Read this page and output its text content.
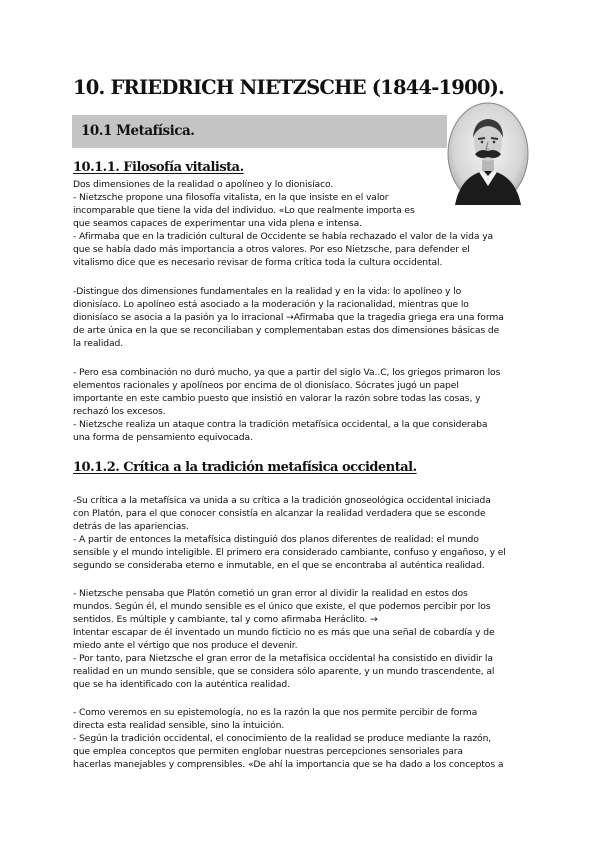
10. FRIEDRICH NIETZSCHE (1844-1900).
10.1 Metafísica.
10.1.1. Filosofía vitalista.
Dos dimensiones de la realidad o apolíneo y lo dionisíaco.
- Nietzsche propone una filosofía vitalista, en la que insiste en el valor
incomparable que tiene la vida del individuo. «Lo que realmente importa es
que seamos capaces de experimentar una vida plena e intensa.
- Afirmaba que en la tradición cultural de Occidente se había rechazado el valor de la vida ya
que se había dado más importancia a otros valores. Por eso Nietzsche, para defender el
vitalismo dice que es necesario revisar de forma crítica toda la cultura occidental.
-Distingue dos dimensiones fundamentales en la realidad y en la vida: lo apolíneo y lo
dionisíaco. Lo apolíneo está asociado a la moderación y la racionalidad, mientras que lo
dionisíaco se asocia a la pasión ya lo irracional →Afirmaba que la tragedia griega era una forma
de arte única en la que se reconciliaban y complementaban estas dos dimensiones básicas de
la realidad.
- Pero esa combinación no duró mucho, ya que a partir del siglo Va..C, los griegos primaron los
elementos racionales y apolíneos por encima de ol dionisíaco. Sócrates jugó un papel
importante en este cambio puesto que insistió en valorar la razón sobre todas las cosas, y
rechazó los excesos.
- Nietzsche realiza un ataque contra la tradición metafísica occidental, a la que consideraba
una forma de pensamiento equivocada.
10.1.2. Crítica a la tradición metafísica occidental.
-Su crítica a la metafísica va unida a su crítica a la tradición gnoseológica occidental iniciada
con Platón, para el que conocer consistía en alcanzar la realidad verdadera que se esconde
detrás de las apariencias.
- A partir de entonces la metafísica distinguió dos planos diferentes de realidad: el mundo
sensible y el mundo inteligible. El primero era considerado cambiante, confuso y engañoso, y el
segundo se consideraba eterno e inmutable, en el que se encontraba al auténtica realidad.
- Nietzsche pensaba que Platón cometió un gran error al dividir la realidad en estos dos
mundos. Según él, el mundo sensible es el único que existe, el que podemos percibir por los
sentidos. Es múltiple y cambiante, tal y como afirmaba Heráclito. →
Intentar escapar de él inventado un mundo ficticio no es más que una señal de cobardía y de
miedo ante el vértigo que nos produce el devenir.
- Por tanto, para Nietzsche el gran error de la metafísica occidental ha consistido en dividir la
realidad en un mundo sensible, que se considera sólo aparente, y un mundo trascendente, al
que se ha identificado con la auténtica realidad.
- Como veremos en su epistemología, no es la razón la que nos permite percibir de forma
directa esta realidad sensible, sino la intuición.
- Según la tradición occidental, el conocimiento de la realidad se produce mediante la razón,
que emplea conceptos que permiten englobar nuestras percepciones sensoriales para
hacerlas manejables y comprensibles. «De ahí la importancia que se ha dado a los conceptos a
